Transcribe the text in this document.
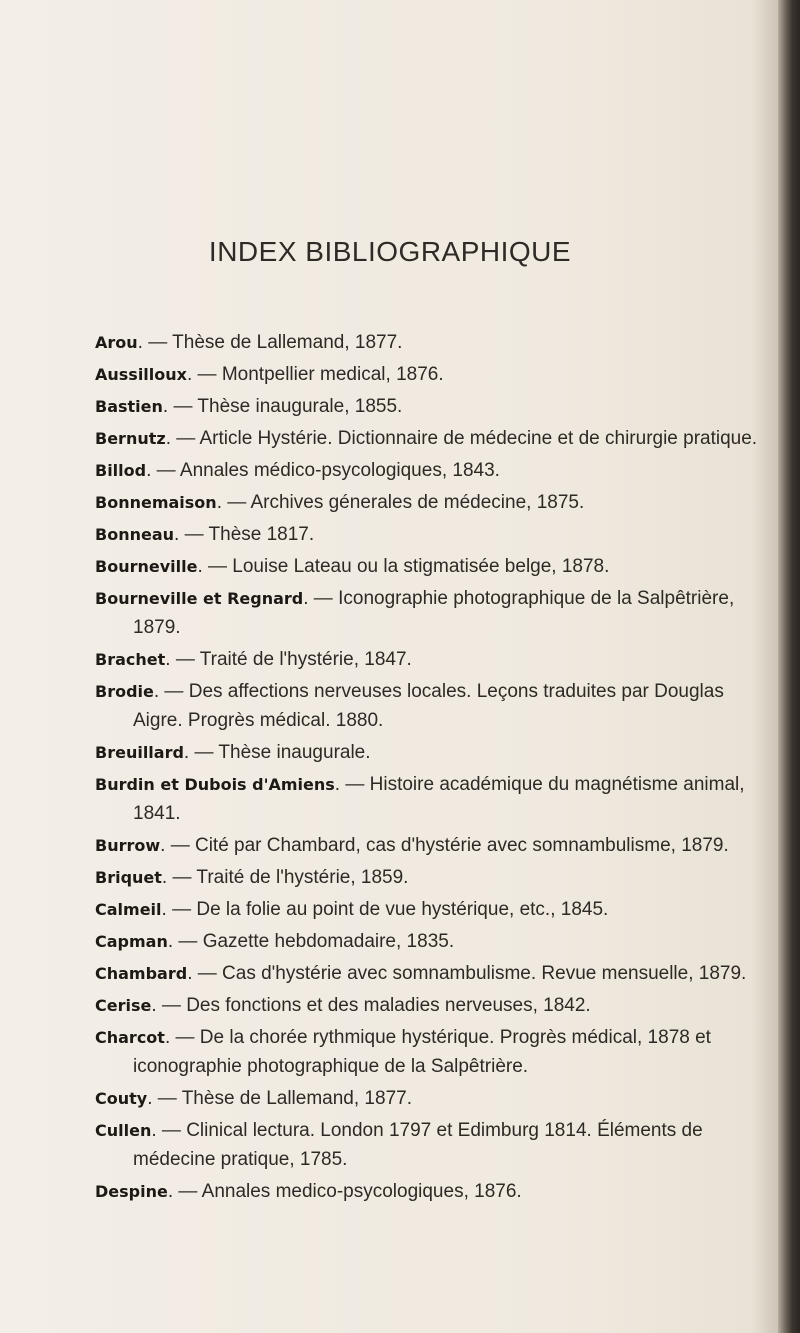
INDEX BIBLIOGRAPHIQUE
Arou. — Thèse de Lallemand, 1877.
Aussilloux. — Montpellier medical, 1876.
Bastien. — Thèse inaugurale, 1855.
Bernutz. — Article Hystérie. Dictionnaire de médecine et de chirurgie pratique.
Billod. — Annales médico-psycologiques, 1843.
Bonnemaison. — Archives génerales de médecine, 1875.
Bonneau. — Thèse 1817.
Bourneville. — Louise Lateau ou la stigmatisée belge, 1878.
Bourneville et Regnard. — Iconographie photographique de la Salpêtrière, 1879.
Brachet. — Traité de l'hystérie, 1847.
Brodie. — Des affections nerveuses locales. Leçons traduites par Douglas Aigre. Progrès médical. 1880.
Breuillard. — Thèse inaugurale.
Burdin et Dubois d'Amiens. — Histoire académique du magnétisme animal, 1841.
Burrow. — Cité par Chambard, cas d'hystérie avec somnambulisme, 1879.
Briquet. — Traité de l'hystérie, 1859.
Calmeil. — De la folie au point de vue hystérique, etc., 1845.
Capman. — Gazette hebdomadaire, 1835.
Chambard. — Cas d'hystérie avec somnambulisme. Revue mensuelle, 1879.
Cerise. — Des fonctions et des maladies nerveuses, 1842.
Charcot. — De la chorée rythmique hystérique. Progrès médical, 1878 et iconographie photographique de la Salpêtrière.
Couty. — Thèse de Lallemand, 1877.
Cullen. — Clinical lectura. London 1797 et Edimburg 1814. Éléments de médecine pratique, 1785.
Despine. — Annales medico-psycologiques, 1876.
